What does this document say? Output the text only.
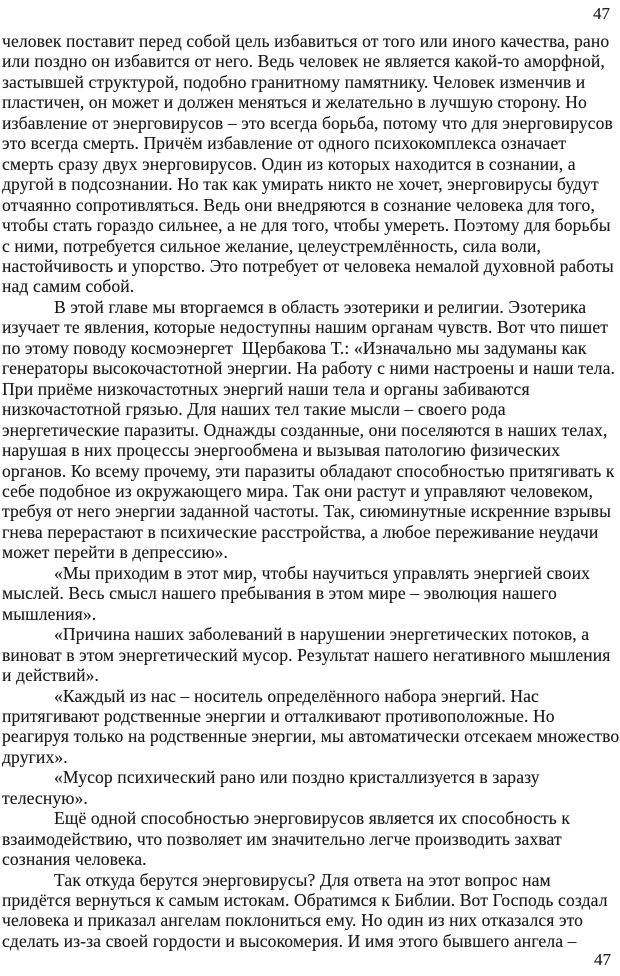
47
человек поставит перед собой цель избавиться от того или иного качества, рано
или поздно он избавится от него. Ведь человек не является какой-то аморфной,
застывшей структурой, подобно гранитному памятнику. Человек изменчив и
пластичен, он может и должен меняться и желательно в лучшую сторону. Но
избавление от энерговирусов – это всегда борьба, потому что для энерговирусов
это всегда смерть. Причём избавление от одного психокомплекса означает
смерть сразу двух энерговирусов. Один из которых находится в сознании, а
другой в подсознании. Но так как умирать никто не хочет, энерговирусы будут
отчаянно сопротивляться. Ведь они внедряются в сознание человека для того,
чтобы стать гораздо сильнее, а не для того, чтобы умереть. Поэтому для борьбы
с ними, потребуется сильное желание, целеустремлённость, сила воли,
настойчивость и упорство. Это потребует от человека немалой духовной работы
над самим собой.
В этой главе мы вторгаемся в область эзотерики и религии. Эзотерика
изучает те явления, которые недоступны нашим органам чувств. Вот что пишет
по этому поводу космоэнергет  Щербакова Т.: «Изначально мы задуманы как
генераторы высокочастотной энергии. На работу с ними настроены и наши тела.
При приёме низкочастотных энергий наши тела и органы забиваются
низкочастотной грязью. Для наших тел такие мысли – своего рода
энергетические паразиты. Однажды созданные, они поселяются в наших телах,
нарушая в них процессы энергообмена и вызывая патологию физических
органов. Ко всему прочему, эти паразиты обладают способностью притягивать к
себе подобное из окружающего мира. Так они растут и управляют человеком,
требуя от него энергии заданной частоты. Так, сиюминутные искренние взрывы
гнева перерастают в психические расстройства, а любое переживание неудачи
может перейти в депрессию».
«Мы приходим в этот мир, чтобы научиться управлять энергией своих
мыслей. Весь смысл нашего пребывания в этом мире – эволюция нашего
мышления».
«Причина наших заболеваний в нарушении энергетических потоков, а
виноват в этом энергетический мусор. Результат нашего негативного мышления
и действий».
«Каждый из нас – носитель определённого набора энергий. Нас
притягивают родственные энергии и отталкивают противоположные. Но
реагируя только на родственные энергии, мы автоматически отсекаем множество
других».
«Мусор психический рано или поздно кристаллизуется в заразу
телесную».
Ещё одной способностью энерговирусов является их способность к
взаимодействию, что позволяет им значительно легче производить захват
сознания человека.
Так откуда берутся энерговирусы? Для ответа на этот вопрос нам
придётся вернуться к самым истокам. Обратимся к Библии. Вот Господь создал
человека и приказал ангелам поклониться ему. Но один из них отказался это
сделать из-за своей гордости и высокомерия. И имя этого бывшего ангела –
47
